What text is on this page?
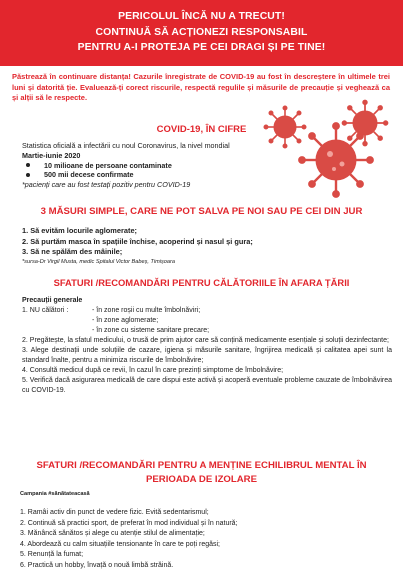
PERICOLUL ÎNCĂ NU A TRECUT!
CONTINUĂ SĂ ACȚIONEZI RESPONSABIL
PENTRU A-I PROTEJA PE CEI DRAGI ȘI PE TINE!
Păstrează în continuare distanța! Cazurile înregistrate de COVID-19 au fost în descreștere în ultimele trei luni și datorită ție. Evaluează-ți corect riscurile, respectă regulile și măsurile de precauție și veghează ca și alții să le respecte.
COVID-19, ÎN CIFRE
Statistica oficială a infectării cu noul Coronavirus, la nivel mondial
Martie-iunie 2020
10 milioane de persoane contaminate
500 mii decese confirmate
*pacienți care au fost testați pozitiv pentru COVID-19
3 MĂSURI SIMPLE, CARE NE POT SALVA PE NOI SAU PE CEI DIN JUR
1. Să evităm locurile aglomerate;
2. Să purtăm masca în spațiile închise, acoperind și nasul și gura;
3. Să ne spălăm des mâinile;
*sursa-Dr Virgil Musta, medic Spitalul Victor Babeș, Timișoara
SFATURI /RECOMANDĂRI PENTRU CĂLĂTORIILE ÎN AFARA ȚĂRII
Precauții generale
1. NU călători :	- în zone roșii cu multe îmbolnăviri;
- în zone aglomerate;
- în zone cu sisteme sanitare precare;
2. Pregătește, la sfatul medicului, o trusă de prim ajutor care să conțină medicamente esențiale și soluții dezinfectante;
3. Alege destinații unde soluțiile de cazare, igiena și măsurile sanitare, îngrijirea medicală și calitatea apei sunt la standard înalte, pentru a minimiza riscurile de îmbolnăvire;
4. Consultă medicul după ce revii, în cazul în care prezinți simptome de îmbolnăvire;
5. Verifică dacă asigurarea medicală de care dispui este activă și acoperă eventuale probleme cauzate de îmbolnăvirea cu COVID-19.
SFATURI /RECOMANDĂRI PENTRU A MENȚINE ECHILIBRUL MENTAL ÎN PERIOADA DE IZOLARE
Campania #sănătateacasă
1. Ramâi activ din punct de vedere fizic. Evită sedentarismul;
2. Continuă să practici sport, de preferat în mod individual și în natură;
3. Mănâncă sănătos și alege cu atenție stilul de alimentație;
4. Abordează cu calm situațiile tensionante în care te poți regăsi;
5. Renunță la fumat;
6. Practică un hobby, învață o nouă limbă străină.
